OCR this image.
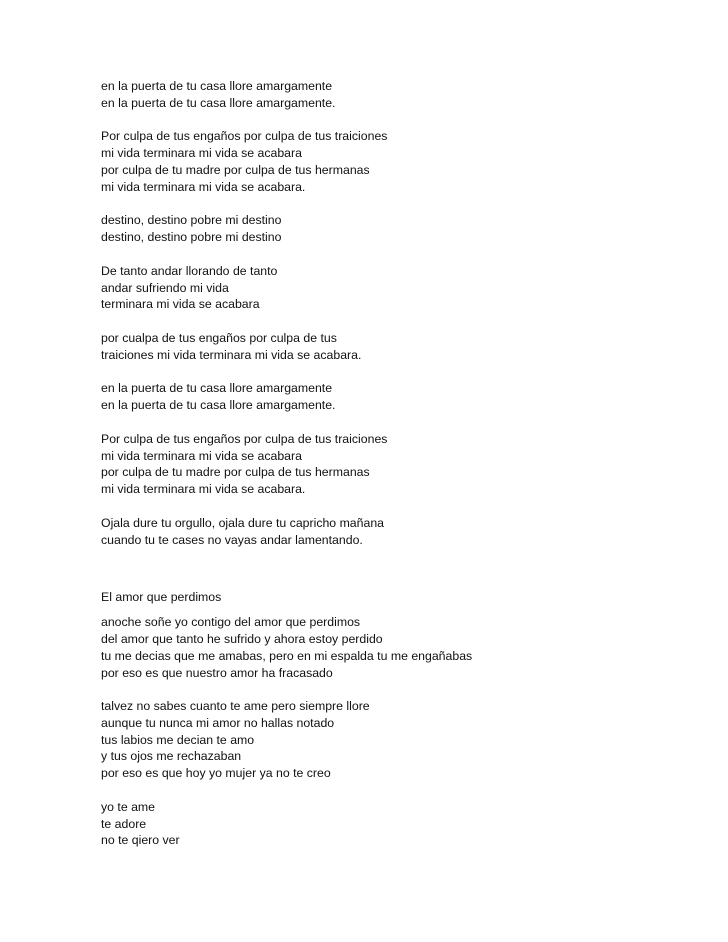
en la puerta de tu casa llore amargamente
en la puerta de tu casa llore amargamente.
Por culpa de tus engaños por culpa de tus traiciones
mi vida terminara mi vida se acabara
por culpa de tu madre por culpa de tus hermanas
mi vida terminara mi vida se acabara.
destino, destino pobre mi destino
destino, destino pobre mi destino
De tanto andar llorando de tanto
andar sufriendo mi vida
terminara mi vida se acabara
por cualpa de tus engaños por culpa de tus
traiciones mi vida terminara mi vida se acabara.
en la puerta de tu casa llore amargamente
en la puerta de tu casa llore amargamente.
Por culpa de tus engaños por culpa de tus traiciones
mi vida terminara mi vida se acabara
por culpa de tu madre por culpa de tus hermanas
mi vida terminara mi vida se acabara.
Ojala dure tu orgullo, ojala dure tu capricho mañana
cuando tu te cases no vayas andar lamentando.
El amor que perdimos
anoche soñe yo contigo del amor que perdimos
del amor que tanto he sufrido y ahora estoy perdido
tu me decias que me amabas, pero en mi espalda tu me engañabas
por eso es que nuestro amor ha fracasado
talvez no sabes cuanto te ame pero siempre llore
aunque tu nunca mi amor no hallas notado
tus labios me decian te amo
y tus ojos me rechazaban
por eso es que hoy yo mujer ya no te creo
yo te ame
te adore
no te qiero ver
